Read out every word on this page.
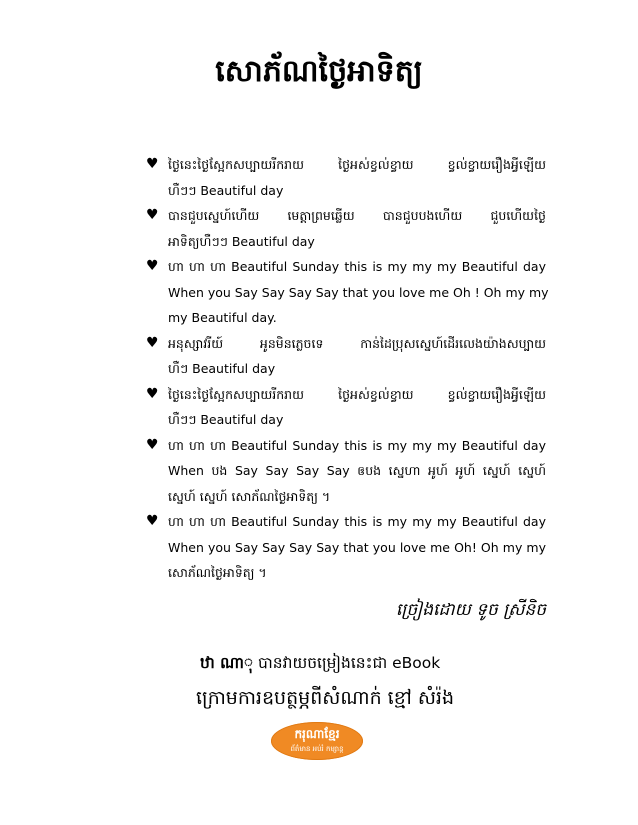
សោភ័ណថ្ងៃអាទិត្យ
♥ ថ្ងៃនេះថ្ងៃស្អែកសប្បាយរីករាយ ថ្ងៃអស់ខ្វល់ខ្វាយ ខ្វល់ខ្វាយរឿងអ្វីឡើយ
ហឺៗៗ Beautiful day
♥ បានជួបស្នេហ៍ហើយ មេត្តាព្រមឆ្លើយ បានជួបបងហើយ ជួបហើយថ្ងៃ
អាទិត្យហឺៗៗ Beautiful day
♥ ហា ហា ហា Beautiful Sunday this is my my my Beautiful day
When you Say Say Say Say that you love me Oh ! Oh my my
my Beautiful day.
♥ អនុស្សាវរីយ៍ អូនមិនភ្លេចទេ កាន់ដៃប្រុសស្នេហ៍ដើរលេងយ៉ាងសប្បាយ
ហឺៗ Beautiful day
♥ ថ្ងៃនេះថ្ងៃស្អែកសប្បាយរីករាយ ថ្ងៃអស់ខ្វល់ខ្វាយ ខ្វល់ខ្វាយរឿងអ្វីឡើយ
ហឺៗៗ Beautiful day
♥ ហា ហា ហា Beautiful Sunday this is my my my Beautiful day
When បង Say Say Say Say ឲបង ស្នេហា អូហ៍ អូហ៍ ស្នេហ៍ ស្នេហ៍
ស្នេហ៍ ស្នេហ៍ សោភ័ណថ្ងៃអាទិត្យ ។
♥ ហា ហា ហា Beautiful Sunday this is my my my Beautiful day
When you Say Say Say Say that you love me Oh! Oh my my
សោភ័ណថ្ងៃអាទិត្យ ។
ច្រៀងដោយ ទូច ស្រីនិច
ឋា ណាុ បានវាយចម្រៀងនេះជា eBook
ក្រោមការឧបត្ថម្ភពីសំណាក់ ខ្មៅ សំរ៉ង
ករុណាខ្មែរ
ព័ត៌មាន អប់រំ កម្សាន្ត
